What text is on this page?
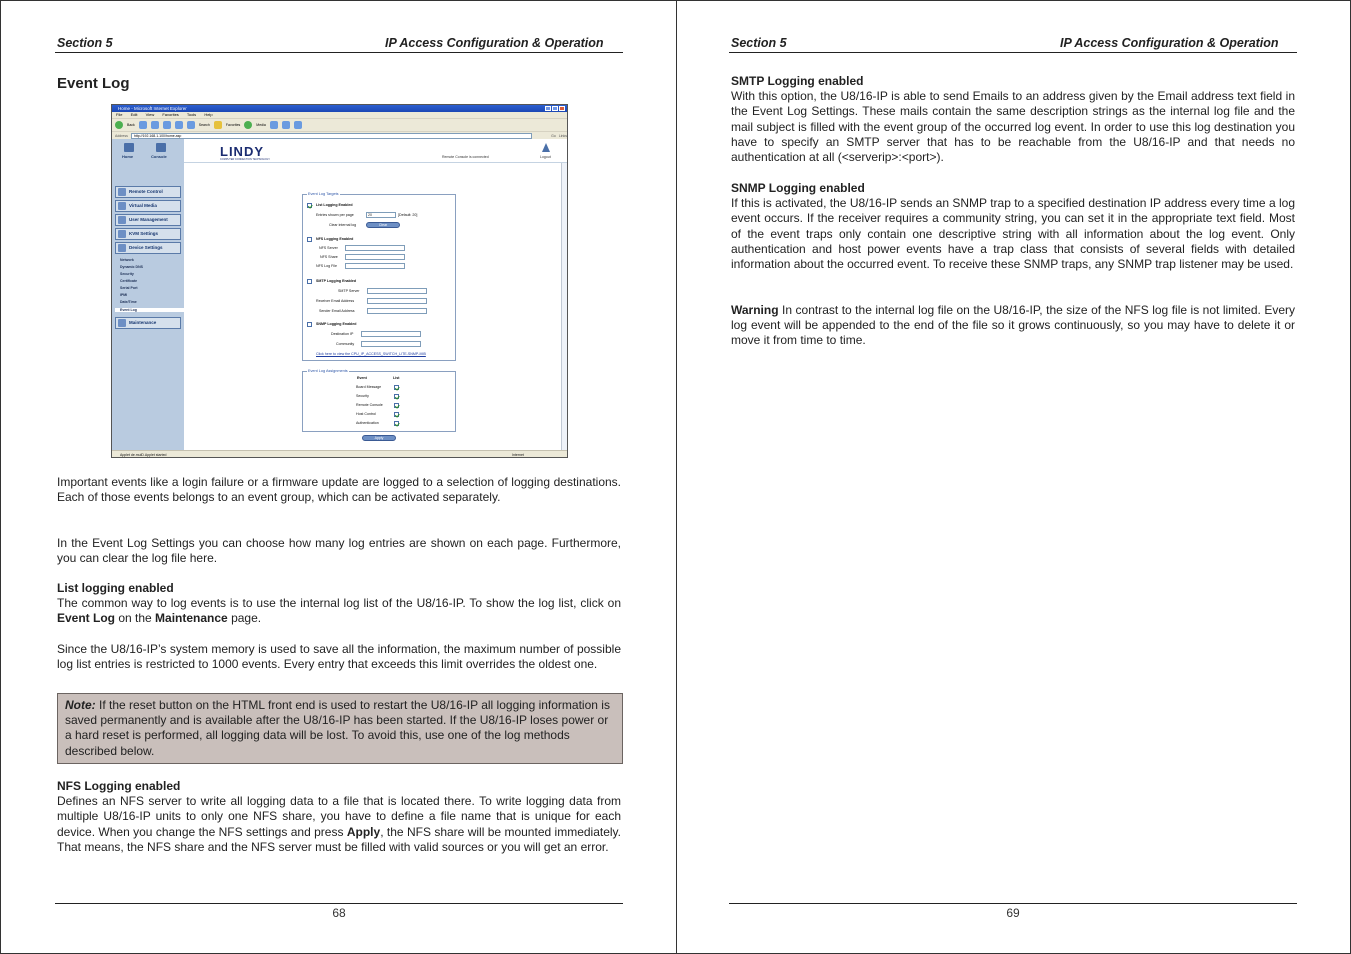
Section 5	IP Access Configuration & Operation
Event Log
Home - Microsoft Internet Explorer
File Edit View Favorites Tools Help
Back	Search	Favorites	Media
Address	http://192.168.1.100/home.asp	Go Links
Home	Console	LINDY
COMPUTER CONNECTION TECHNOLOGY
Remote Console is connected	Logout
Remote Control
Virtual Media
User Management
KVM Settings
Device Settings
Network
Dynamic DNS
Security
Certificate
Serial Port
IPMI
Date/Time
Event Log
Maintenance
Event Log Targets
List Logging Enabled
Entries shown per page	20	[Default: 20]
Clear internal log	Clear
NFS Logging Enabled
NFS Server
NFS Share
NFS Log File
SMTP Logging Enabled
SMTP Server
Receiver Email Address
Sender Email Address
SNMP Logging Enabled
Destination IP
Community
Click here to view the CPU_IP_ACCESS_SWITCH_LITE-SNMP-MIB
Event Log Assignments
Event	List
Board Message
Security
Remote Console
Host Control
Authentication
Apply
Applet de.mulD.Applet started	Internet

Important events like a login failure or a firmware update are logged to a selection of logging destinations. Each of those events belongs to an event group, which can be activated separately.

In the Event Log Settings you can choose how many log entries are shown on each page. Furthermore, you can clear the log file here.

List logging enabled
The common way to log events is to use the internal log list of the U8/16-IP. To show the log list, click on Event Log on the Maintenance page.

Since the U8/16-IP’s system memory is used to save all the information, the maximum number of possible log list entries is restricted to 1000 events. Every entry that exceeds this limit overrides the oldest one.

Note: If the reset button on the HTML front end is used to restart the U8/16-IP all logging information is saved permanently and is available after the U8/16-IP has been started. If the U8/16-IP loses power or a hard reset is performed, all logging data will be lost. To avoid this, use one of the log methods described below.
NFS Logging enabled
Defines an NFS server to write all logging data to a file that is located there. To write logging data from multiple U8/16-IP units to only one NFS share, you have to define a file name that is unique for each device. When you change the NFS settings and press Apply, the NFS share will be mounted immediately. That means, the NFS share and the NFS server must be filled with valid sources or you will get an error.
68
Section 5	IP Access Configuration & Operation
SMTP Logging enabled
With this option, the U8/16-IP is able to send Emails to an address given by the Email address text field in the Event Log Settings. These mails contain the same description strings as the internal log file and the mail subject is filled with the event group of the occurred log event. In order to use this log destination you have to specify an SMTP server that has to be reachable from the U8/16-IP and that needs no authentication at all (<serverip>:<port>).
SNMP Logging enabled
If this is activated, the U8/16-IP sends an SNMP trap to a specified destination IP address every time a log event occurs. If the receiver requires a community string, you can set it in the appropriate text field. Most of the event traps only contain one descriptive string with all information about the log event. Only authentication and host power events have a trap class that consists of several fields with detailed information about the occurred event. To receive these SNMP traps, any SNMP trap listener may be used.
Warning In contrast to the internal log file on the U8/16-IP, the size of the NFS log file is not limited. Every log event will be appended to the end of the file so it grows continuously, so you may have to delete it or move it from time to time.
69
